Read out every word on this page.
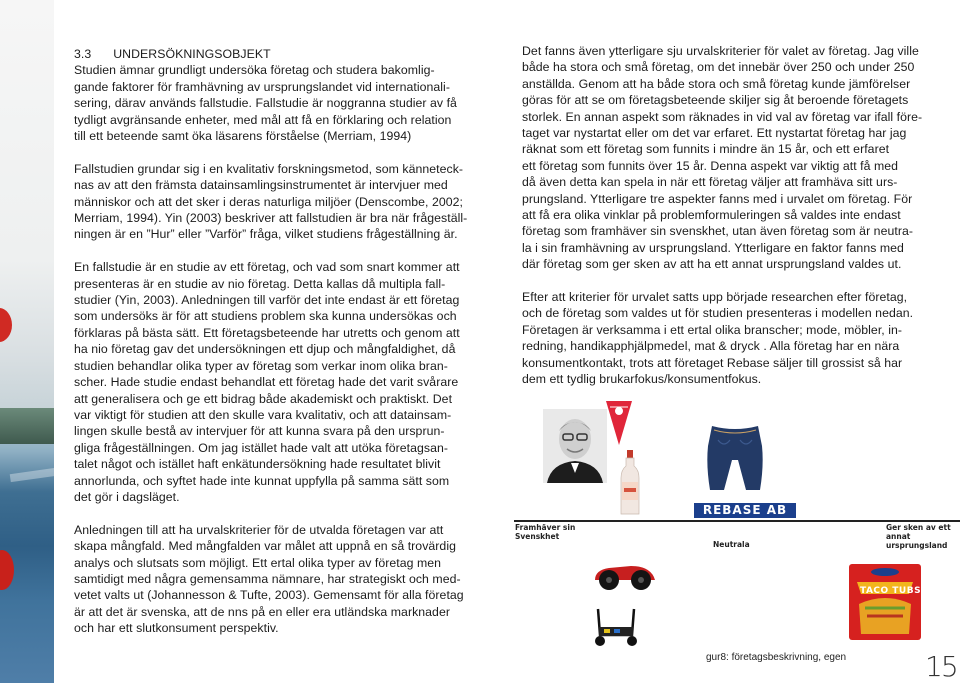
3.3 UNDERSÖKNINGSOBJEKT

Studien ämnar grundligt undersöka företag och studera bakomlig-
gande faktorer för framhävning av ursprungslandet vid internationali-
sering, därav används fallstudie. Fallstudie är noggranna studier av få
tydligt avgränsande enheter, med mål att få en förklaring och relation
till ett beteende samt öka läsarens förståelse (Merriam, 1994)

Fallstudien grundar sig i en kvalitativ forskningsmetod, som känneteck-
nas av att den främsta datainsamlingsinstrumentet är intervjuer med
människor och att det sker i deras naturliga miljöer (Denscombe, 2002;
Merriam, 1994). Yin (2003) beskriver att fallstudien är bra när frågeställ-
ningen är en ”Hur” eller ”Varför” fråga, vilket studiens frågeställning är.

En fallstudie är en studie av ett företag, och vad som snart kommer att
presenteras är en studie av nio företag. Detta kallas då multipla fall-
studier (Yin, 2003). Anledningen till varför det inte endast är ett företag
som undersöks är för att studiens problem ska kunna undersökas och
förklaras på bästa sätt. Ett företagsbeteende har utretts och genom att
ha nio företag gav det undersökningen ett djup och mångfaldighet, då
studien behandlar olika typer av företag som verkar inom olika bran-
scher. Hade studie endast behandlat ett företag hade det varit svårare
att generalisera och ge ett bidrag både akademiskt och praktiskt. Det
var viktigt för studien att den skulle vara kvalitativ, och att datainsam-
lingen skulle bestå av intervjuer för att kunna svara på den ursprun-
gliga frågeställningen. Om jag istället hade valt att utöka företagsan-
talet något och istället haft enkätundersökning hade resultatet blivit
annorlunda, och syftet hade inte kunnat uppfylla på samma sätt som
det gör i dagsläget.

Anledningen till att ha urvalskriterier för de utvalda företagen var att
skapa mångfald. Med mångfalden var målet att uppnå en så trovärdig
analys och slutsats som möjligt. Ett ertal olika typer av företag men
samtidigt med några gemensamma nämnare, har strategiskt och med-
vetet valts ut (Johannesson & Tufte, 2003). Gemensamt för alla företag
är att det är svenska, att de nns på en eller era utländska marknader
och har ett slutkonsument perspektiv.

Det fanns även ytterligare sju urvalskriterier för valet av företag. Jag ville
både ha stora och små företag, om det innebär över 250 och under 250
anställda. Genom att ha både stora och små företag kunde jämförelser
göras för att se om företagsbeteende skiljer sig åt beroende företagets
storlek. En annan aspekt som räknades in vid val av företag var ifall före-
taget var nystartat eller om det var erfaret. Ett nystartat företag har jag
räknat som ett företag som funnits i mindre än 15 år, och ett erfaret
ett företag som funnits över 15 år. Denna aspekt var viktig att få med
då även detta kan spela in när ett företag väljer att framhäva sitt urs-
prungsland. Ytterligare tre aspekter fanns med i urvalet om företag. För
att få era olika vinklar på problemformuleringen så valdes inte endast
företag som framhäver sin svenskhet, utan även företag som är neutra-
la i sin framhävning av ursprungsland. Ytterligare en faktor fanns med
där företag som ger sken av att ha ett annat ursprungsland valdes ut.

Efter att kriterier för urvalet satts upp började researchen efter företag,
och de företag som valdes ut för studien presenteras i modellen nedan.
Företagen är verksamma i ett ertal olika branscher; mode, möbler, in-
redning, handikapphjälpmedel, mat & dryck . Alla företag har en nära
konsumentkontakt, trots att företaget Rebase säljer till grossist så har
dem ett tydlig brukarfokus/konsumentfokus.

REBASE AB
Framhäver sin
Svenskhet
Neutrala
Ger sken av ett
annat ursprungsland
TACO TUBS
gur8: företagsbeskrivning, egen	15
